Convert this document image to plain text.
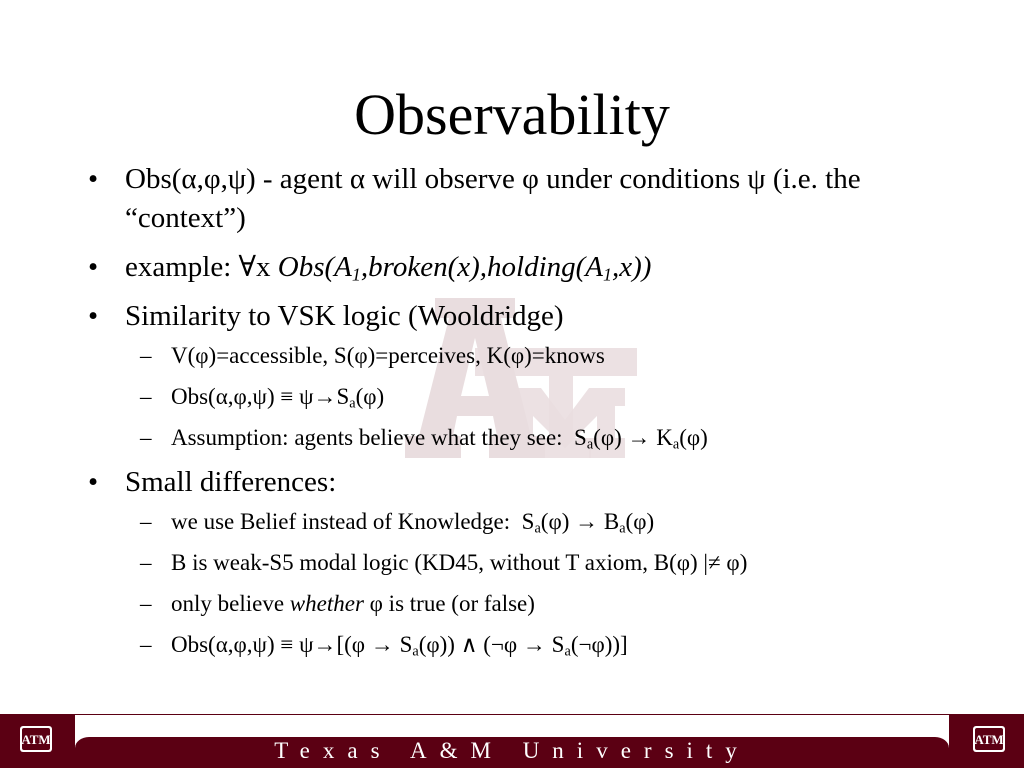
Observability
• Obs(α,φ,ψ) - agent α will observe φ under conditions ψ (i.e. the “context”)
• example: ∀x $Obs(A_1,broken(x),holding(A_1,x))$
• Similarity to VSK logic (Wooldridge)
– V(φ)=accessible, S(φ)=perceives, K(φ)=knows
– $Obs(\alpha,\varphi,\psi) \equiv \psi\to S_a(\varphi)$
– Assumption: agents believe what they see:  $S_a(\varphi) \to K_a(\varphi)$
• Small differences:
– we use Belief instead of Knowledge:  $S_a(\varphi) \to B_a(\varphi)$
– B is weak-S5 modal logic (KD45, without T axiom, B(φ) |≠ φ)
– only believe whether φ is true (or false)
– $Obs(\alpha,\varphi,\psi) \equiv \psi\to[(\varphi \to S_a(\varphi))$ ∧ (¬φ → $S_a(\neg\varphi)$)]
Texas A&M University
ATM	ATM
